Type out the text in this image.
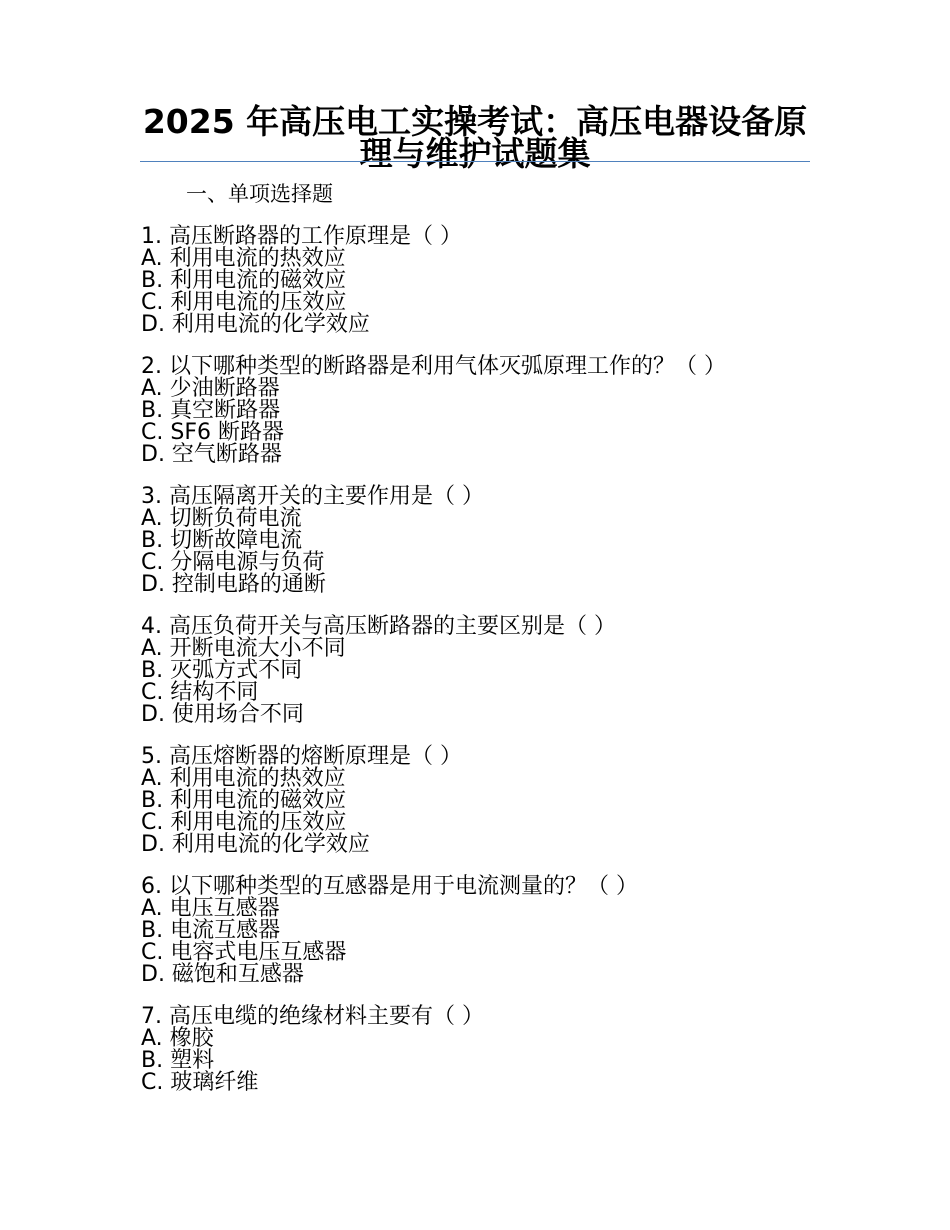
2025 年高压电工实操考试：高压电器设备原理与维护试题集
一、单项选择题
1. 高压断路器的工作原理是（ ）
A. 利用电流的热效应
B. 利用电流的磁效应
C. 利用电流的压效应
D. 利用电流的化学效应
2. 以下哪种类型的断路器是利用气体灭弧原理工作的？（ ）
A. 少油断路器
B. 真空断路器
C. SF6 断路器
D. 空气断路器
3. 高压隔离开关的主要作用是（ ）
A. 切断负荷电流
B. 切断故障电流
C. 分隔电源与负荷
D. 控制电路的通断
4. 高压负荷开关与高压断路器的主要区别是（ ）
A. 开断电流大小不同
B. 灭弧方式不同
C. 结构不同
D. 使用场合不同
5. 高压熔断器的熔断原理是（ ）
A. 利用电流的热效应
B. 利用电流的磁效应
C. 利用电流的压效应
D. 利用电流的化学效应
6. 以下哪种类型的互感器是用于电流测量的？（ ）
A. 电压互感器
B. 电流互感器
C. 电容式电压互感器
D. 磁饱和互感器
7. 高压电缆的绝缘材料主要有（ ）
A. 橡胶
B. 塑料
C. 玻璃纤维
